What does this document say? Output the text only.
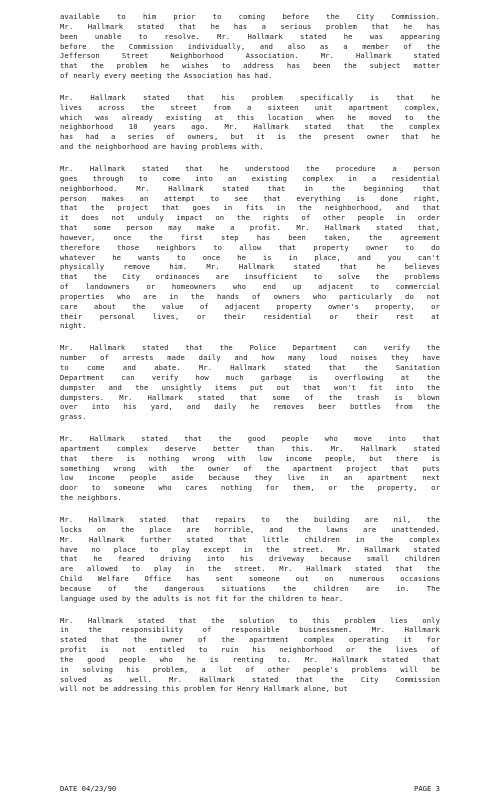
available to him prior to coming before the City Commission.
Mr. Hallmark stated that he has a serious problem that he has
been unable to resolve. Mr. Hallmark stated he was appearing
before the Commission individually, and also as a member of the
Jefferson Street Neighborhood Association. Mr. Hallmark stated
that the problem he wishes to address has been the subject matter
of nearly every meeting the Association has had.
Mr. Hallmark stated that his problem specifically is that he
lives across the street from a sixteen unit apartment complex,
which was already existing at this location when he moved to the
neighborhood 10 years ago. Mr. Hallmark stated that the complex
has had a series of owners, but it is the present owner that he
and the neighborhood are having problems with.
Mr. Hallmark stated that he understood the procedure a person
goes through to come into an existing complex in a residential
neighborhood. Mr. Hallmark stated that in the beginning that
person makes an attempt to see that everything is done right,
that the project that goes in fits in the neighborhood, and that
it does not unduly impact on the rights of other people in order
that some person may make a profit. Mr. Hallmark stated that,
however, once the first step has been taken, the agreement
therefore those neighbors to allow that property owner to do
whatever he wants to once he is in place, and you can't
physically remove him. Mr. Hallmark stated that he believes
that the City ordinances are insufficient to solve the problems
of landowners or homeowners who end up adjacent to commercial
properties who are in the hands of owners who particularly do not
care about the value of adjacent property owner's property, or
their personal lives, or their residential or their rest at
night.
Mr. Hallmark stated that the Police Department can verify the
number of arrests made daily and how many loud noises they have
to come and abate. Mr. Hallmark stated that the Sanitation
Department can verify how much garbage is overflowing at the
dumpster and the unsightly items put out that won't fit into the
dumpsters. Mr. Hallmark stated that some of the trash is blown
over into his yard, and daily he removes beer bottles from the
grass.
Mr. Hallmark stated that the good people who move into that
apartment complex deserve better than this. Mr. Hallmark stated
that there is nothing wrong with low income people, but there is
something wrong with the owner of the apartment project that puts
low income people aside because they live in an apartment next
door to someone who cares nothing for them, or the property, or
the neighbors.
Mr. Hallmark stated that repairs to the building are nil, the
locks on the place are horrible, and the lawns are unattended.
Mr. Hallmark further stated that little children in the complex
have no place to play except in the street. Mr. Hallmark stated
that he feared driving into his driveway because small children
are allowed to play in the street. Mr. Hallmark stated that the
Child Welfare Office has sent someone out on numerous occasions
because of the dangerous situations the children are in. The
language used by the adults is not fit for the children to hear.
Mr. Hallmark stated that the solution to this problem lies only
in the responsibility of responsible businessmen. Mr. Hallmark
stated that the owner of the apartment complex operating it for
profit is not entitled to ruin his neighborhood or the lives of
the good people who he is renting to. Mr. Hallmark stated that
in solving his problem, a lot of other people's problems will be
solved as well. Mr. Hallmark stated that the City Commission
will not be addressing this problem for Henry Hallmark alone, but
DATE 04/23/90	PAGE 3
